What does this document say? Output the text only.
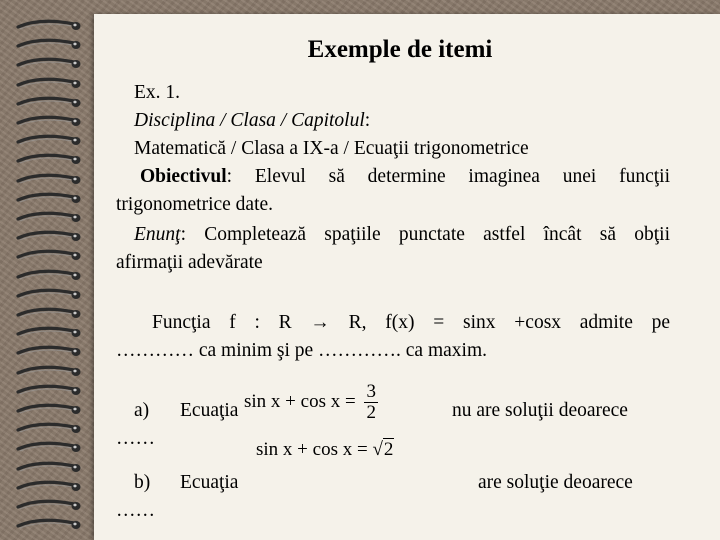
Exemple de itemi
Ex. 1.
Disciplina / Clasa / Capitolul:
Matematică / Clasa a IX-a / Ecuaţii trigonometrice
Obiectivul: Elevul să determine imaginea unei funcţii
trigonometrice date.
Enunţ: Completează spaţiile punctate astfel încât să obţii
afirmaţii adevărate
Funcţia f : R → R, f(x) = sinx +cosx admite pe
………… ca minim şi pe …………. ca maxim.
a) Ecuaţia $\sin x + \cos x = \frac{3}{2}$	nu are soluţii deoarece
……
sin x + cos x = √2
b) Ecuaţia	are soluţie deoarece
……
